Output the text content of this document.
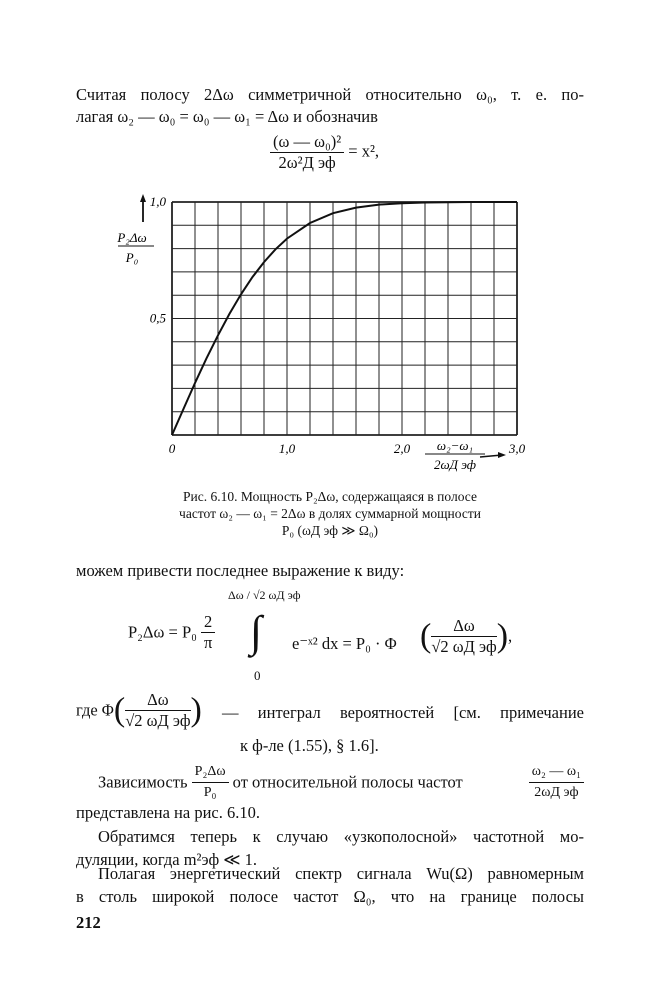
Считая полосу 2Δω симметричной относительно ω₀, т. е. по-
лагая ω₂ — ω₀ = ω₀ — ω₁ = Δω и обозначив
$\frac{\text{(ω — ω₀)²}}{\text{2ω²Д эф}} = x^2$,
0	1,0	2,0	3,0
0,5
1,0
P₂Δω
P₀
ω₂−ω₁
2ωД эф
Рис. 6.10. Мощность P₂Δω, содержащаяся в полосе
частот ω₂ — ω₁ = 2Δω в долях суммарной мощности
P₀ (ωД эф ≫ Ω₀)
можем привести последнее выражение к виду:
$P_2\Delta\omega = P_0 \frac{2}{\pi}$
Δω / √2 ωД эф
∫
0
e⁻ˣ² dx = P₀ · Φ ( $\frac{\Delta\omega}{\text{√2 ωД эф}}$ ),
где $\Phi( \frac{\Delta\omega}{\text{√2 ωД эф}}$ ) — интеграл вероятностей [см. примечание
к ф-ле (1.55), § 1.6].
Зависимость $\frac{\text{P₂Δω}}{\text{P₀}}$ от относительной полосы частот
ω₂ — ω₁
2ωД эф
представлена на рис. 6.10.
Обратимся теперь к случаю «узкополосной» частотной мо-
дуляции, когда m²эф ≪ 1.
Полагая энергетический спектр сигнала Wu(Ω) равномерным
в столь широкой полосе частот Ω₀, что на границе полосы
212
